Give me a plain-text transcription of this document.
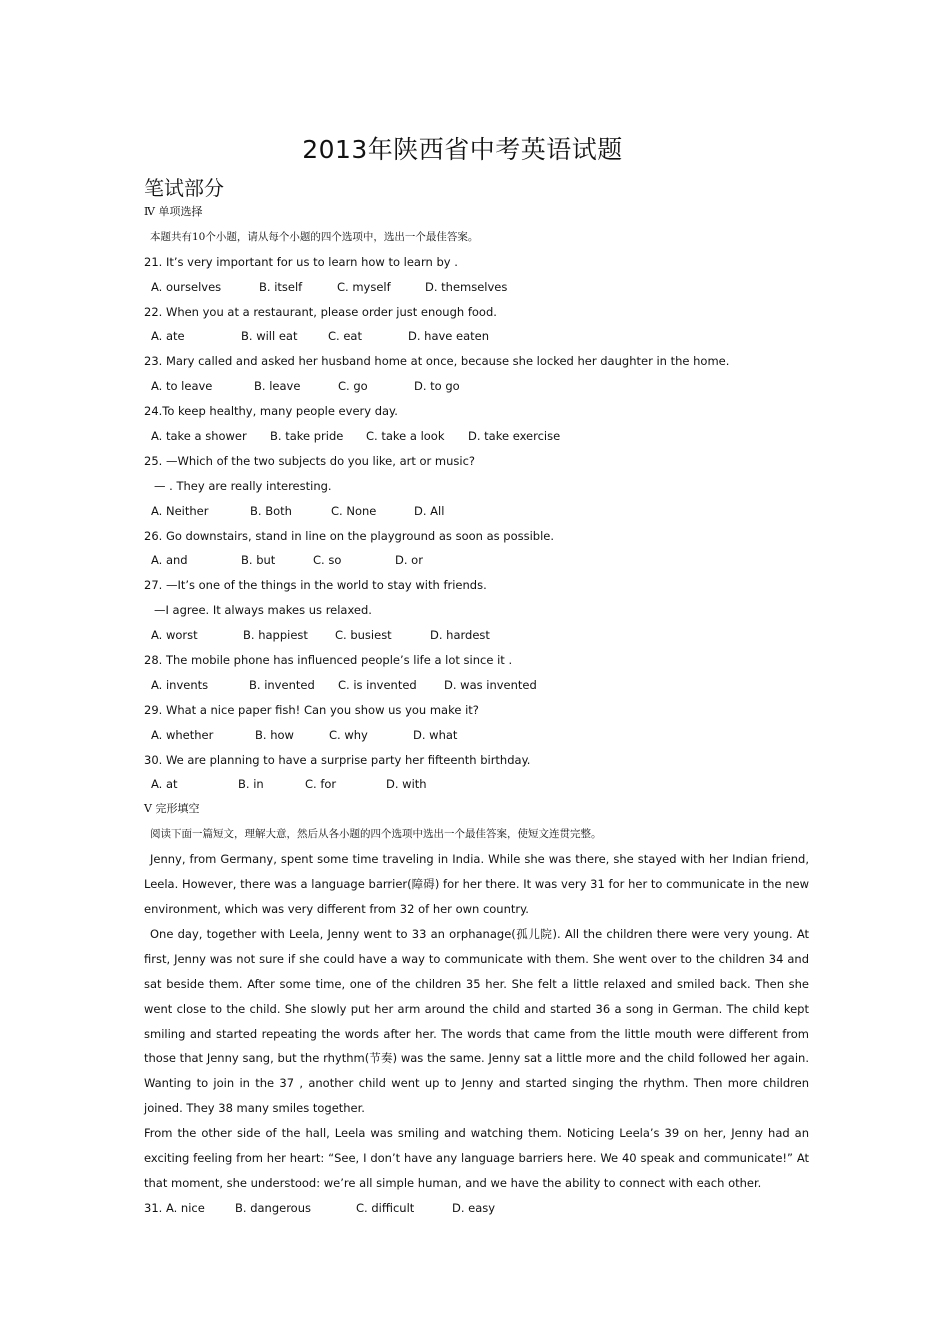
2013年陕西省中考英语试题
笔试部分
Ⅳ 单项选择
本题共有10个小题，请从每个小题的四个选项中，选出一个最佳答案。
21. It’s very important for us to learn how to learn by .
A. ourselves	B. itself	C. myself	D. themselves
22. When you at a restaurant, please order just enough food.
A. ate	B. will eat	C. eat	D. have eaten
23. Mary called and asked her husband home at once, because she locked her daughter in the home.
A. to leave	B. leave	C. go	D. to go
24.To keep healthy, many people every day.
A. take a shower B. take pride C. take a look D. take exercise
25. —Which of the two subjects do you like, art or music?
— . They are really interesting.
A. Neither	B. Both	C. None	D. All
26. Go downstairs, stand in line on the playground as soon as possible.
A. and	B. but	C. so	D. or
27. —It’s one of the things in the world to stay with friends.
—I agree. It always makes us relaxed.
A. worst	B. happiest C. busiest	D. hardest
28. The mobile phone has influenced people’s life a lot since it .
A. invents	B. invented C. is invented D. was invented
29. What a nice paper fish! Can you show us you make it?
A. whether	B. how	C. why	D. what
30. We are planning to have a surprise party her fifteenth birthday.
A. at	B. in	C. for	D. with
Ⅴ 完形填空
阅读下面一篇短文，理解大意，然后从各小题的四个选项中选出一个最佳答案，使短文连贯完整。
Jenny, from Germany, spent some time traveling in India. While she was there, she stayed with her Indian friend, Leela. However, there was a language barrier(障碍) for her there. It was very 31 for her to communicate in the new environment, which was very different from 32 of her own country.
One day, together with Leela, Jenny went to 33 an orphanage(孤儿院). All the children there were very young. At first, Jenny was not sure if she could have a way to communicate with them. She went over to the children 34 and sat beside them. After some time, one of the children 35 her. She felt a little relaxed and smiled back. Then she went close to the child. She slowly put her arm around the child and started 36 a song in German. The child kept smiling and started repeating the words after her. The words that came from the little mouth were different from those that Jenny sang, but the rhythm(节奏) was the same. Jenny sat a little more and the child followed her again. Wanting to join in the 37 , another child went up to Jenny and started singing the rhythm. Then more children joined. They 38 many smiles together.
From the other side of the hall, Leela was smiling and watching them. Noticing Leela’s 39 on her, Jenny had an exciting feeling from her heart: “See, I don’t have any language barriers here. We 40 speak and communicate!” At that moment, she understood: we’re all simple human, and we have the ability to connect with each other.
31. A. nice	B. dangerous	C. difficult	D. easy
